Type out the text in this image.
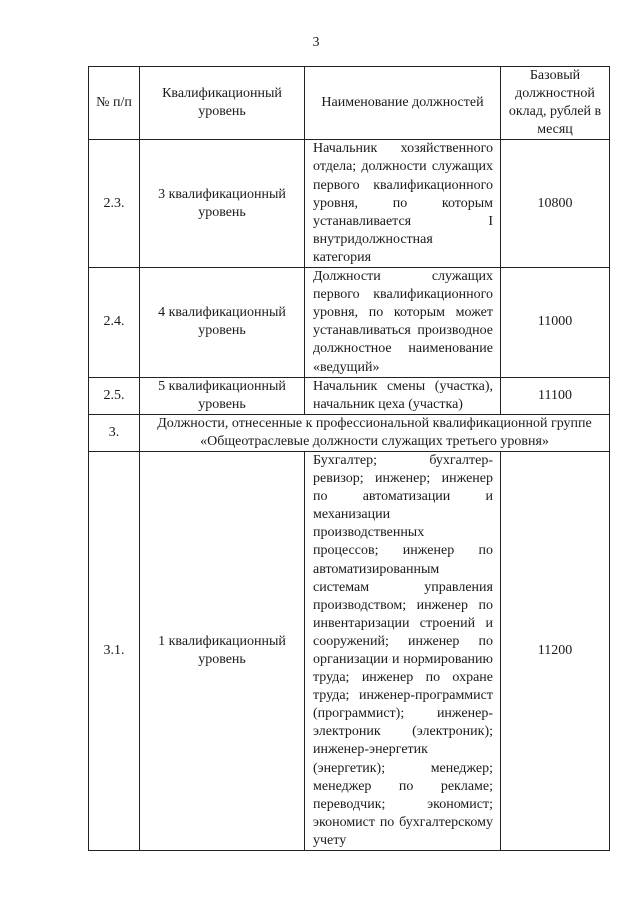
3
№ п/п	Квалификационный уровень	Наименование должностей	Базовый должностной оклад, рублей в месяц
2.3.	3 квалификационный уровень	Начальник хозяйственного отдела; должности служащих первого квалификационного уровня, по которым устанавливается I внутридолжностная категория	10800
2.4.	4 квалификационный уровень	Должности служащих первого квалификационного уровня, по которым может устанавливаться производное должностное наименование «ведущий»	11000
2.5.	5 квалификационный уровень	Начальник смены (участка), начальник цеха (участка)	11100
3.	Должности, отнесенные к профессиональной квалификационной группе «Общеотраслевые должности служащих третьего уровня»		

3.1.	1 квалификационный уровень	Бухгалтер; бухгалтер-ревизор; инженер; инженер по автоматизации и механизации производственных процессов; инженер по автоматизированным системам управления производством; инженер по инвентаризации строений и сооружений; инженер по организации и нормированию труда; инженер по охране труда; инженер-программист (программист); инженер-электроник (электроник); инженер-энергетик (энергетик); менеджер; менеджер по рекламе; переводчик; экономист; экономист по бухгалтерскому учету	11200
